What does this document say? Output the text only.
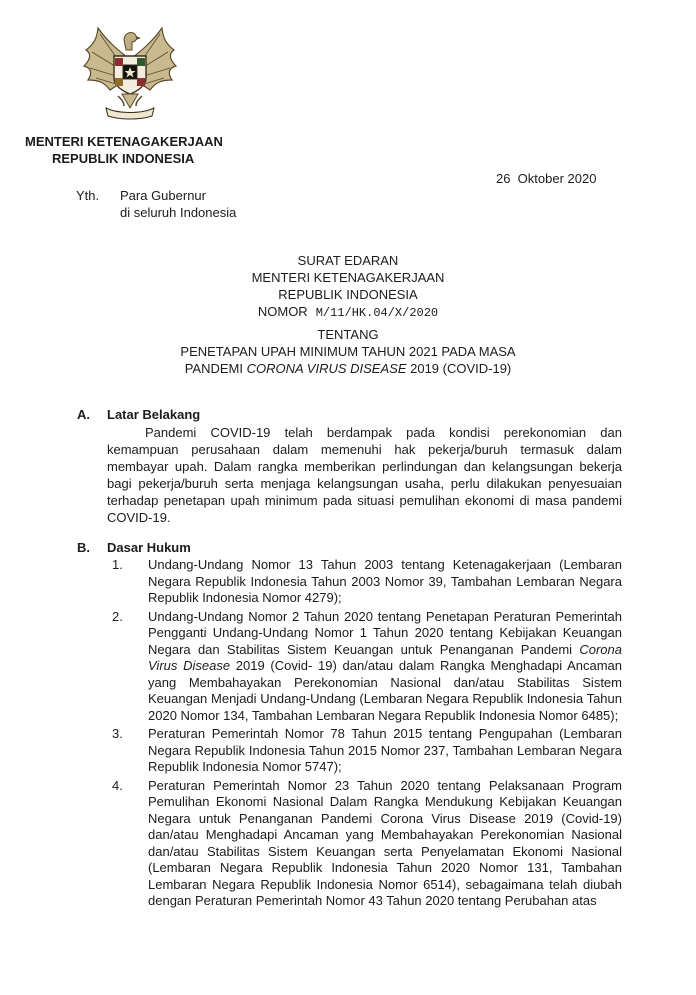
MENTERI KETENAGAKERJAAN
REPUBLIK INDONESIA
26  Oktober 2020
Yth. Para Gubernur
di seluruh Indonesia
SURAT EDARAN
MENTERI KETENAGAKERJAAN
REPUBLIK INDONESIA
NOMOR M/11/HK.04/X/2020
TENTANG
PENETAPAN UPAH MINIMUM TAHUN 2021 PADA MASA
PANDEMI CORONA VIRUS DISEASE 2019 (COVID-19)
A. Latar Belakang

Pandemi COVID-19 telah berdampak pada kondisi perekonomian dan kemampuan perusahaan dalam memenuhi hak pekerja/buruh termasuk dalam membayar upah. Dalam rangka memberikan perlindungan dan kelangsungan bekerja bagi pekerja/buruh serta menjaga kelangsungan usaha, perlu dilakukan penyesuaian terhadap penetapan upah minimum pada situasi pemulihan ekonomi di masa pandemi COVID-19.

B. Dasar Hukum
1.	Undang-Undang Nomor 13 Tahun 2003 tentang Ketenagakerjaan (Lembaran Negara Republik Indonesia Tahun 2003 Nomor 39, Tambahan Lembaran Negara Republik Indonesia Nomor 4279);
2.	Undang-Undang Nomor 2 Tahun 2020 tentang Penetapan Peraturan Pemerintah Pengganti Undang-Undang Nomor 1 Tahun 2020 tentang Kebijakan Keuangan Negara dan Stabilitas Sistem Keuangan untuk Penanganan Pandemi Corona Virus Disease 2019 (Covid- 19) dan/atau dalam Rangka Menghadapi Ancaman yang Membahayakan Perekonomian Nasional dan/atau Stabilitas Sistem Keuangan Menjadi Undang-Undang (Lembaran Negara Republik Indonesia Tahun 2020 Nomor 134, Tambahan Lembaran Negara Republik Indonesia Nomor 6485);
3.	Peraturan Pemerintah Nomor 78 Tahun 2015 tentang Pengupahan (Lembaran Negara Republik Indonesia Tahun 2015 Nomor 237, Tambahan Lembaran Negara Republik Indonesia Nomor 5747);
4.	Peraturan Pemerintah Nomor 23 Tahun 2020 tentang Pelaksanaan Program Pemulihan Ekonomi Nasional Dalam Rangka Mendukung Kebijakan Keuangan Negara untuk Penanganan Pandemi Corona Virus Disease 2019 (Covid-19) dan/atau Menghadapi Ancaman yang Membahayakan Perekonomian Nasional dan/atau Stabilitas Sistem Keuangan serta Penyelamatan Ekonomi Nasional (Lembaran Negara Republik Indonesia Tahun 2020 Nomor 131, Tambahan Lembaran Negara Republik Indonesia Nomor 6514), sebagaimana telah diubah dengan Peraturan Pemerintah Nomor 43 Tahun 2020 tentang Perubahan atas
